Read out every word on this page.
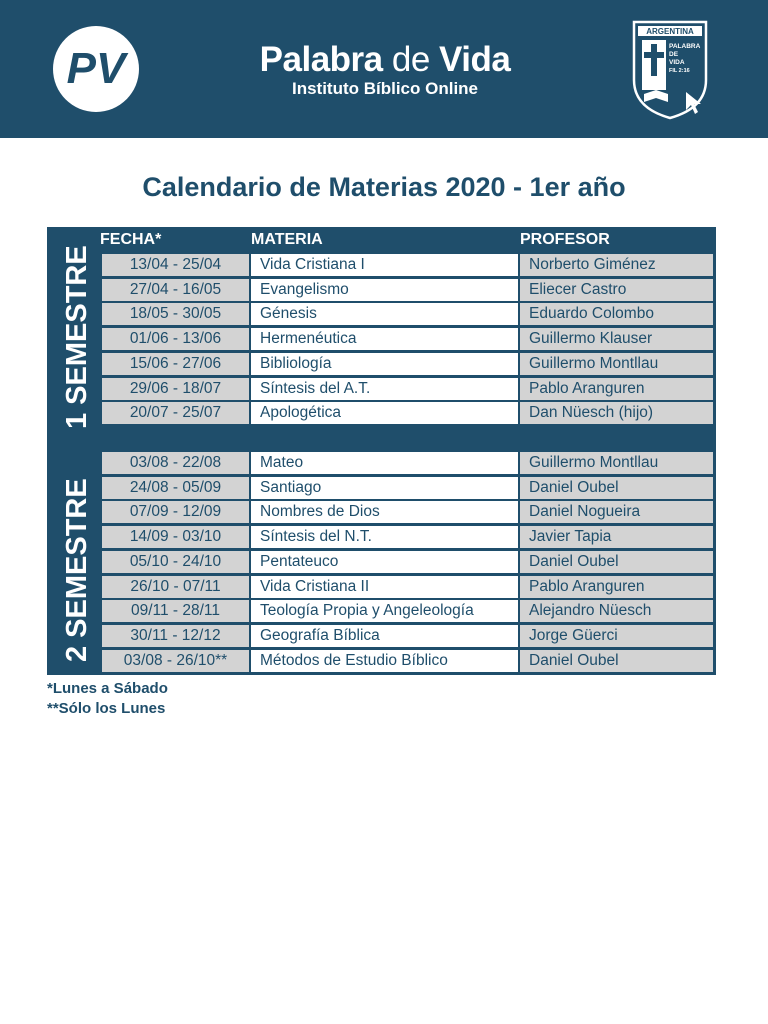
PV	Palabra de Vida
Instituto Bíblico Online
ARGENTINA
PALABRA
DE
VIDA
FIL 2:16
Calendario de Materias 2020 - 1er año
FECHA*	MATERIA	PROFESOR
1 SEMESTRE
2 SEMESTRE
13/04 - 25/04	Vida Cristiana I	Norberto Giménez
27/04 - 16/05	Evangelismo	Eliecer Castro
18/05 - 30/05	Génesis	Eduardo Colombo
01/06 - 13/06	Hermenéutica	Guillermo Klauser
15/06 - 27/06	Bibliología	Guillermo Montllau
29/06 - 18/07	Síntesis del A.T.	Pablo Aranguren
20/07 - 25/07	Apologética	Dan Nüesch (hijo)
03/08 - 22/08	Mateo	Guillermo Montllau
24/08 - 05/09	Santiago	Daniel Oubel
07/09 - 12/09	Nombres de Dios	Daniel Nogueira
14/09 - 03/10	Síntesis del N.T.	Javier Tapia
05/10 - 24/10	Pentateuco	Daniel Oubel
26/10 - 07/11	Vida Cristiana II	Pablo Aranguren
09/11 - 28/11	Teología Propia y Angeleología	Alejandro Nüesch
30/11 - 12/12	Geografía Bíblica	Jorge Güerci
03/08 - 26/10**	Métodos de Estudio Bíblico	Daniel Oubel
*Lunes a Sábado
**Sólo los Lunes
